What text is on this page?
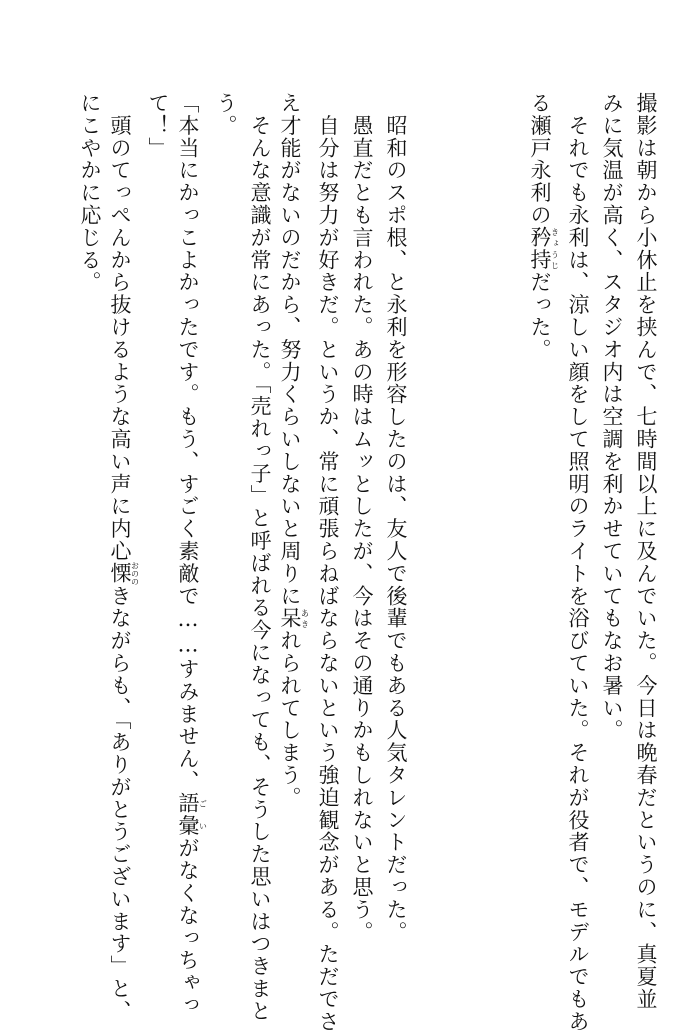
撮影は朝から小休止を挟んで、七時間以上に及んでいた。今日は晩春だというのに、真夏並
みに気温が高く、スタジオ内は空調を利かせていてもなお暑い。
　それでも永利は、涼しい顔をして照明のライトを浴びていた。それが役者で、モデルでもあ
る瀬戸永利の矜持きょうじだった。
　昭和のスポ根、と永利を形容したのは、友人で後輩でもある人気タレントだった。
　愚直だとも言われた。あの時はムッとしたが、今はその通りかもしれないと思う。
　自分は努力が好きだ。というか、常に頑張らねばならないという強迫観念がある。ただでさ
え才能がないのだから、努力くらいしないと周りに呆あきれられてしまう。
　そんな意識が常にあった。「売れっ子」と呼ばれる今になっても、そうした思いはつきまと
う。
「本当にかっこよかったです。もう、すごく素敵で……すみません、語彙ごいがなくなっちゃっ
て！」
　頭のてっぺんから抜けるような高い声に内心慄おののきながらも、「ありがとうございます」と、
にこやかに応じる。
